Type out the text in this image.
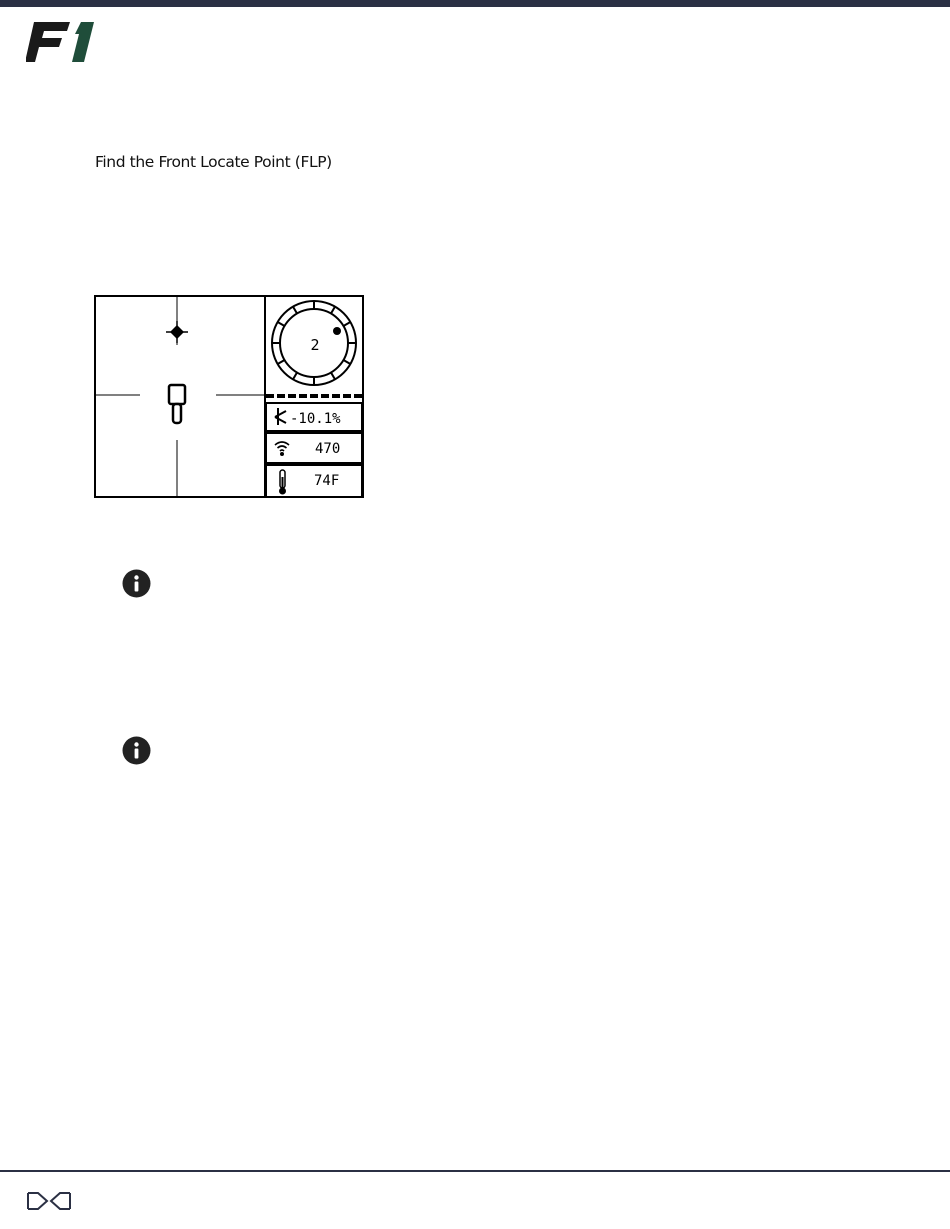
Find the Front Locate Point (FLP)
2
-10.1%
470
74F
